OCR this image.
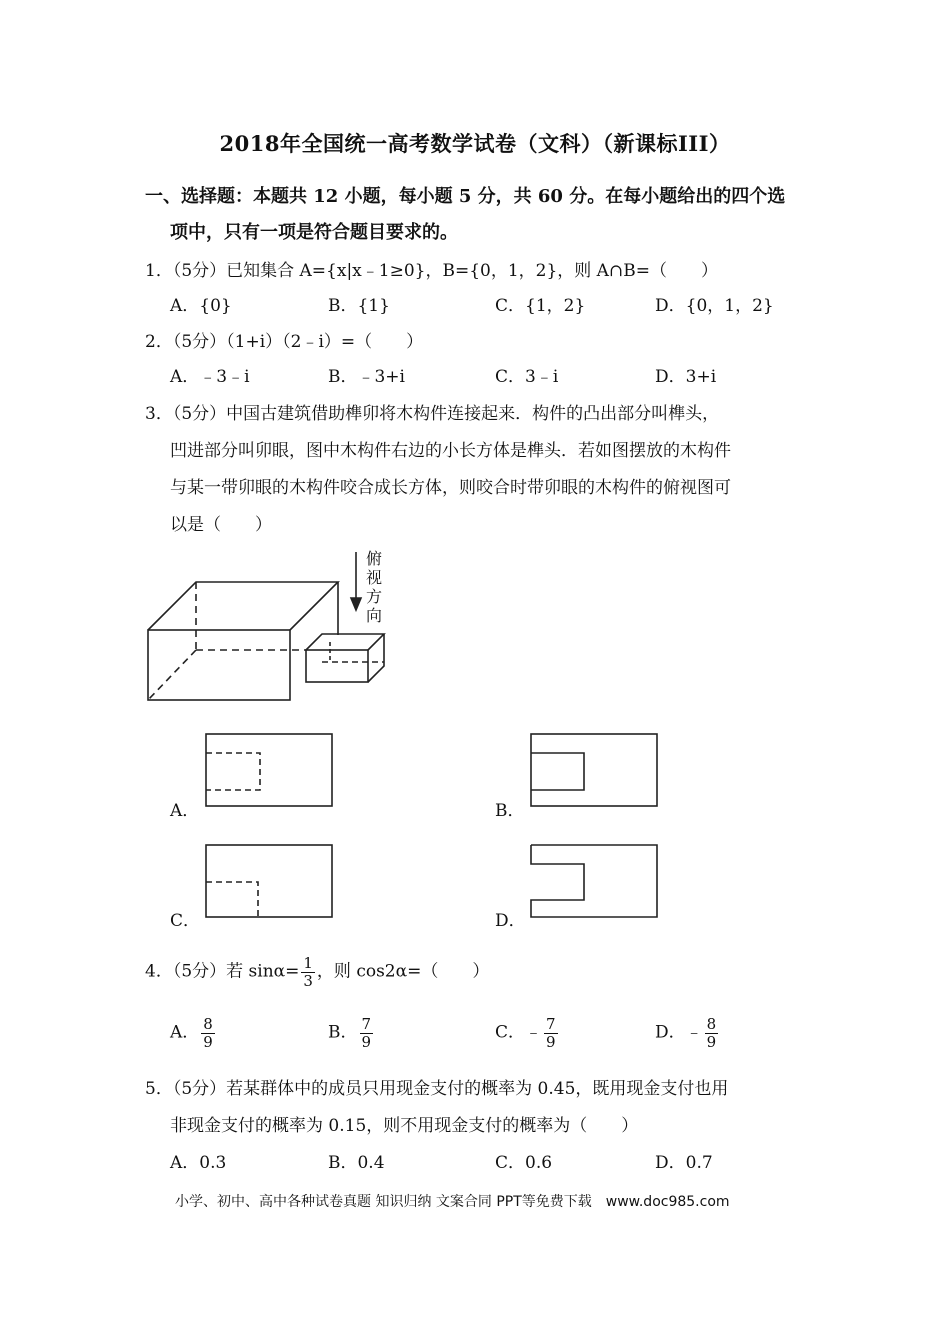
2018年全国统一高考数学试卷（文科）（新课标III）
一、选择题：本题共 12 小题，每小题 5 分，共 60 分。在每小题给出的四个选
项中，只有一项是符合题目要求的。
1．（5分）已知集合 A={x|x﹣1≥0}，B={0，1，2}，则 A∩B=（　　）
A．{0}	B．{1}	C．{1，2}	D．{0，1，2}
2．（5分）（1+i）（2﹣i）=（　　）
A．﹣3﹣i	B．﹣3+i	C．3﹣i	D．3+i
3．（5分）中国古建筑借助榫卯将木构件连接起来．构件的凸出部分叫榫头，
凹进部分叫卯眼，图中木构件右边的小长方体是榫头．若如图摆放的木构件
与某一带卯眼的木构件咬合成长方体，则咬合时带卯眼的木构件的俯视图可
以是（　　）
俯
视
方
向
A．	B．
C．	D．
4．（5分）若 $\sin\alpha= \frac{1}{3}$ ，则 cos2α=（　　）
A． $\frac{8}{9}$	B． $\frac{7}{9}$	C．﹣ $\frac{7}{9}$	D．﹣ $\frac{8}{9}$
5．（5分）若某群体中的成员只用现金支付的概率为 0.45，既用现金支付也用
非现金支付的概率为 0.15，则不用现金支付的概率为（　　）
A．0.3	B．0.4	C．0.6	D．0.7
小学、初中、高中各种试卷真题 知识归纳 文案合同 PPT等免费下载　www.doc985.com
